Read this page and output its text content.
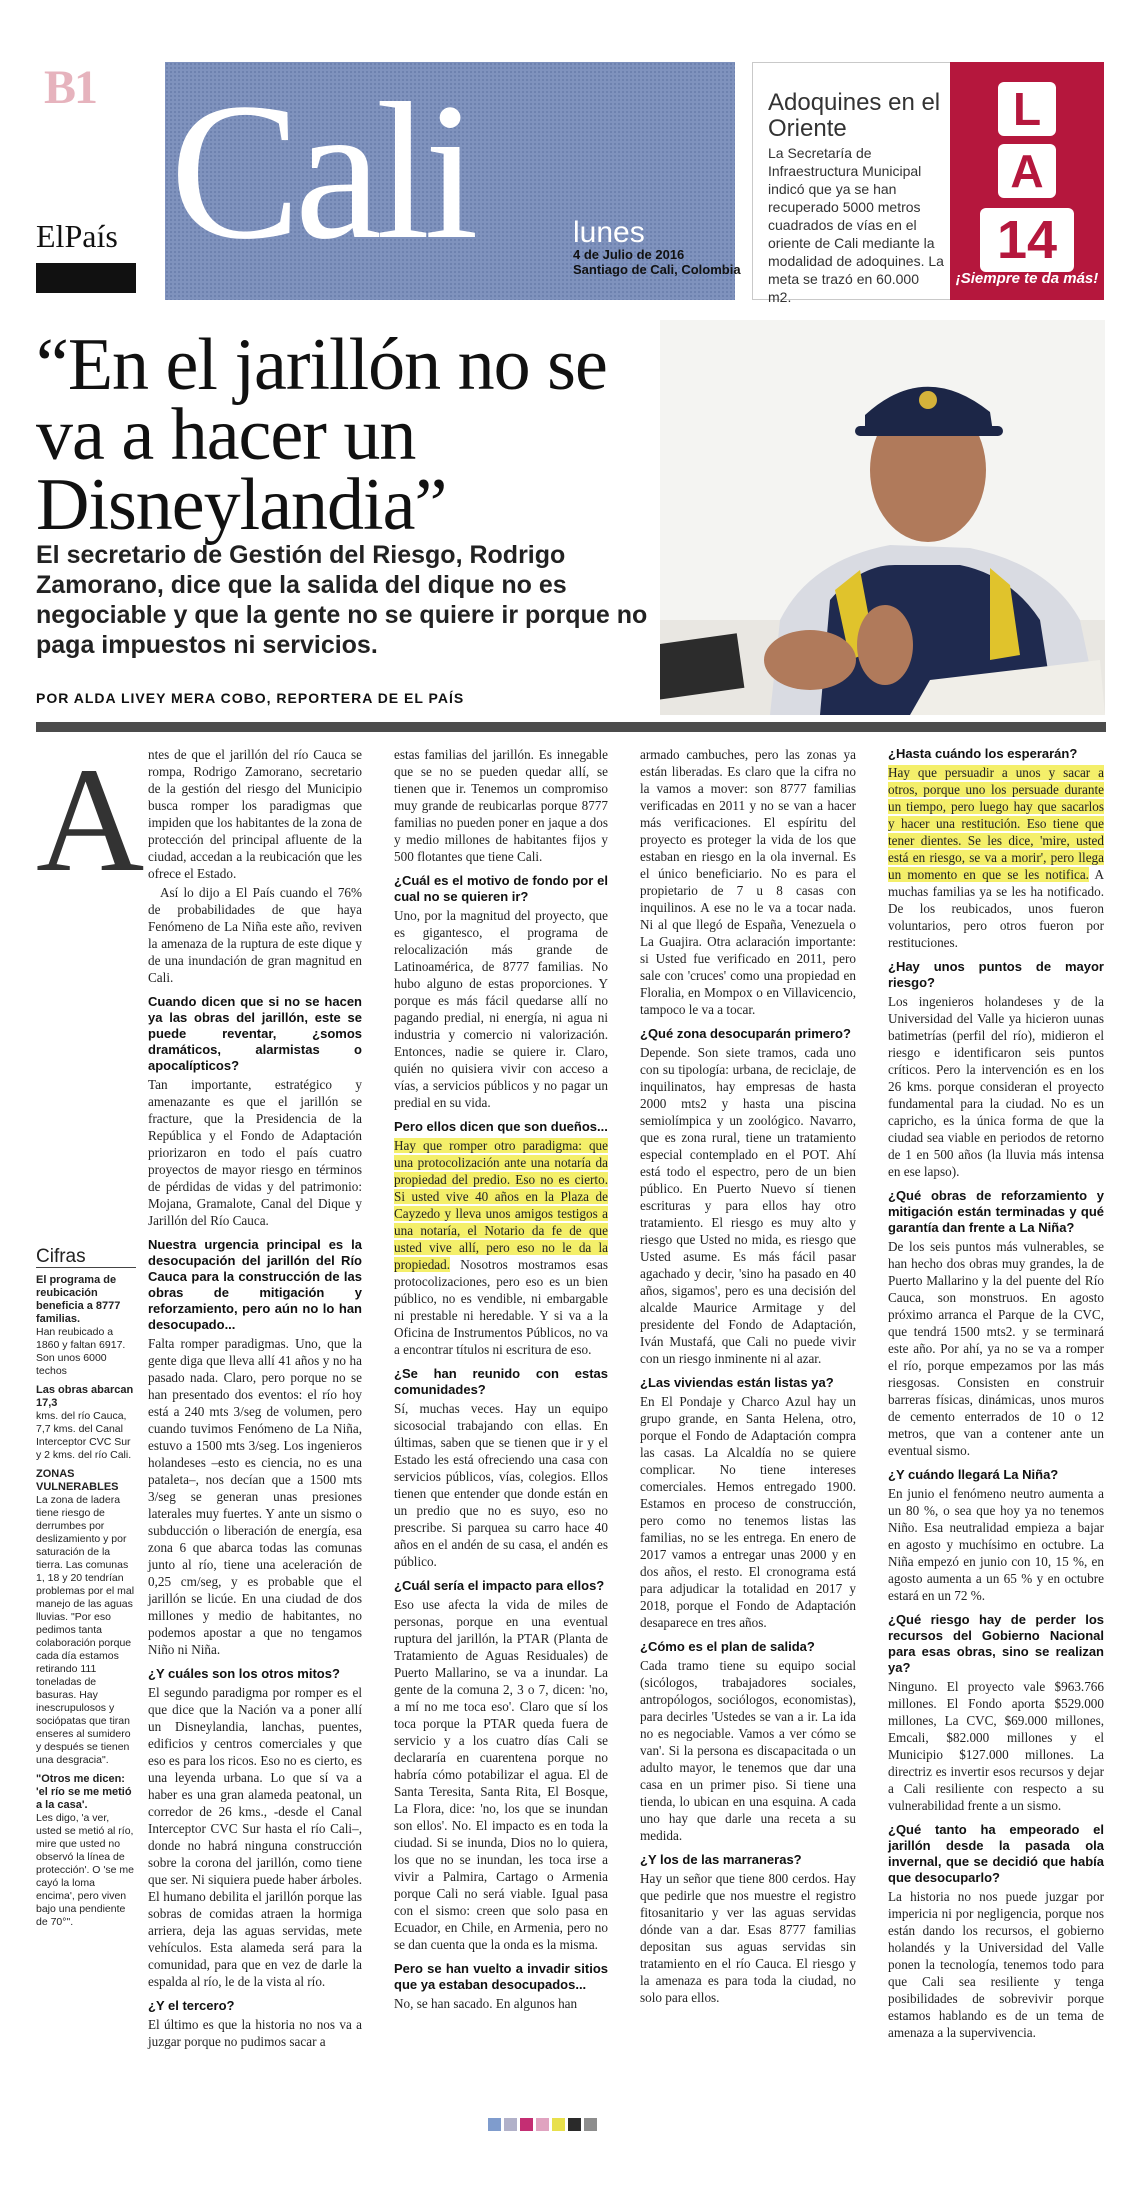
B1
ElPaís Cali	lunes
4 de Julio de 2016
Santiago de Cali, Colombia
Adoquines en el Oriente
La Secretaría de Infraestructura Municipal indicó que ya se han recuperado 5000 metros cuadrados de vías en el oriente de Cali mediante la modalidad de adoquines. La meta se trazó en 60.000 m2.
L
A
14
¡Siempre te da más!
“En el jarillón no se va a hacer un Disneylandia”
El secretario de Gestión del Riesgo, Rodrigo Zamorano, dice que la salida del dique no es negociable y que la gente no se quiere ir porque no paga impuestos ni servicios.
POR ALDA LIVEY MERA COBO, REPORTERA DE EL PAÍS
A ntes de que el jarillón del río Cauca se rompa, Rodrigo Zamorano, secretario de la gestión del riesgo del Municipio busca romper los paradigmas que impiden que los habitantes de la zona de protección del principal afluente de la ciudad, accedan a la reubicación que les ofrece el Estado.

Así lo dijo a El País cuando el 76% de probabilidades de que haya Fenómeno de La Niña este año, reviven la amenaza de la ruptura de este dique y de una inundación de gran magnitud en Cali.

Cuando dicen que si no se hacen ya las obras del jarillón, este se puede reventar, ¿somos dramáticos, alarmistas o apocalípticos?

Tan importante, estratégico y amenazante es que el jarillón se fracture, que la Presidencia de la República y el Fondo de Adaptación priorizaron en todo el país cuatro proyectos de mayor riesgo en términos de pérdidas de vidas y del patrimonio: Mojana, Gramalote, Canal del Dique y Jarillón del Río Cauca.

Nuestra urgencia principal es la desocupación del jarillón del Río Cauca para la construcción de las obras de mitigación y reforzamiento, pero aún no lo han desocupado...

Falta romper paradigmas. Uno, que la gente diga que lleva allí 41 años y no ha pasado nada. Claro, pero porque no se han presentado dos eventos: el río hoy está a 240 mts 3/seg de volumen, pero cuando tuvimos Fenómeno de La Niña, estuvo a 1500 mts 3/seg. Los ingenieros holandeses –esto es ciencia, no es una pataleta–, nos decían que a 1500 mts 3/seg se generan unas presiones laterales muy fuertes. Y ante un sismo o subducción o liberación de energía, esa zona 6 que abarca todas las comunas junto al río, tiene una aceleración de 0,25 cm/seg, y es probable que el jarillón se licúe. En una ciudad de dos millones y medio de habitantes, no podemos apostar a que no tengamos Niño ni Niña.

¿Y cuáles son los otros mitos?

El segundo paradigma por romper es el que dice que la Nación va a poner allí un Disneylandia, lanchas, puentes, edificios y centros comerciales y que eso es para los ricos. Eso no es cierto, es una leyenda urbana. Lo que sí va a haber es una gran alameda peatonal, un corredor de 26 kms., -desde el Canal Interceptor CVC Sur hasta el río Cali–, donde no habrá ninguna construcción sobre la corona del jarillón, como tiene que ser. Ni siquiera puede haber árboles. El humano debilita el jarillón porque las sobras de comidas atraen la hormiga arriera, deja las aguas servidas, mete vehículos. Esta alameda será para la comunidad, para que en vez de darle la espalda al río, le de la vista al río.

¿Y el tercero?

El último es que la historia no nos va a juzgar porque no pudimos sacar a

Cifras
El programa de reubicación beneficia a 8777 familias.
Han reubicado a 1860 y faltan 6917. Son unos 6000 techos
Las obras abarcan 17,3
kms. del río Cauca, 7,7 kms. del Canal Interceptor CVC Sur y 2 kms. del río Cali.
ZONAS VULNERABLES
La zona de ladera tiene riesgo de derrumbes por deslizamiento y por saturación de la tierra. Las comunas 1, 18 y 20 tendrían problemas por el mal manejo de las aguas lluvias. "Por eso pedimos tanta colaboración porque cada día estamos retirando 111 toneladas de basuras. Hay inescrupulosos y sociópatas que tiran enseres al sumidero y después se tienen una desgracia".
"Otros me dicen: 'el río se me metió a la casa'.
Les digo, 'a ver, usted se metió al río, mire que usted no observó la línea de protección'. O 'se me cayó la loma encima', pero viven bajo una pendiente de 70°".

estas familias del jarillón. Es innegable que se no se pueden quedar allí, se tienen que ir. Tenemos un compromiso muy grande de reubicarlas porque 8777 familias no pueden poner en jaque a dos y medio millones de habitantes fijos y 500 flotantes que tiene Cali.

¿Cuál es el motivo de fondo por el cual no se quieren ir?

Uno, por la magnitud del proyecto, que es gigantesco, el programa de relocalización más grande de Latinoamérica, de 8777 familias. No hubo alguno de estas proporciones. Y porque es más fácil quedarse allí no pagando predial, ni energía, ni agua ni industria y comercio ni valorización. Entonces, nadie se quiere ir. Claro, quién no quisiera vivir con acceso a vías, a servicios públicos y no pagar un predial en su vida.

Pero ellos dicen que son dueños...

Hay que romper otro paradigma: que una protocolización ante una notaría da propiedad del predio. Eso no es cierto. Si usted vive 40 años en la Plaza de Cayzedo y lleva unos amigos testigos a una notaría, el Notario da fe de que usted vive allí, pero eso no le da la propiedad. Nosotros mostramos esas protocolizaciones, pero eso es un bien público, no es vendible, ni embargable ni prestable ni heredable. Y si va a la Oficina de Instrumentos Públicos, no va a encontrar títulos ni escritura de eso.

¿Se han reunido con estas comunidades?

Sí, muchas veces. Hay un equipo sicosocial trabajando con ellas. En últimas, saben que se tienen que ir y el Estado les está ofreciendo una casa con servicios públicos, vías, colegios. Ellos tienen que entender que donde están en un predio que no es suyo, eso no prescribe. Si parquea su carro hace 40 años en el andén de su casa, el andén es público.

¿Cuál sería el impacto para ellos?

Eso use afecta la vida de miles de personas, porque en una eventual ruptura del jarillón, la PTAR (Planta de Tratamiento de Aguas Residuales) de Puerto Mallarino, se va a inundar. La gente de la comuna 2, 3 o 7, dicen: 'no, a mí no me toca eso'. Claro que sí los toca porque la PTAR queda fuera de servicio y a los cuatro días Cali se declararía en cuarentena porque no habría cómo potabilizar el agua. El de Santa Teresita, Santa Rita, El Bosque, La Flora, dice: 'no, los que se inundan son ellos'. No. El impacto es en toda la ciudad. Si se inunda, Dios no lo quiera, los que no se inundan, les toca irse a vivir a Palmira, Cartago o Armenia porque Cali no será viable. Igual pasa con el sismo: creen que solo pasa en Ecuador, en Chile, en Armenia, pero no se dan cuenta que la onda es la misma.

Pero se han vuelto a invadir sitios que ya estaban desocupados...

No, se han sacado. En algunos han

armado cambuches, pero las zonas ya están liberadas. Es claro que la cifra no la vamos a mover: son 8777 familias verificadas en 2011 y no se van a hacer más verificaciones. El espíritu del proyecto es proteger la vida de los que estaban en riesgo en la ola invernal. Es el único beneficiario. No es para el propietario de 7 u 8 casas con inquilinos. A ese no le va a tocar nada. Ni al que llegó de España, Venezuela o La Guajira. Otra aclaración importante: si Usted fue verificado en 2011, pero sale con 'cruces' como una propiedad en Floralia, en Mompox o en Villavicencio, tampoco le va a tocar.

¿Qué zona desocuparán primero?

Depende. Son siete tramos, cada uno con su tipología: urbana, de reciclaje, de inquilinatos, hay empresas de hasta 2000 mts2 y hasta una piscina semiolímpica y un zoológico. Navarro, que es zona rural, tiene un tratamiento especial contemplado en el POT. Ahí está todo el espectro, pero de un bien público. En Puerto Nuevo sí tienen escrituras y para ellos hay otro tratamiento. El riesgo es muy alto y riesgo que Usted no mida, es riesgo que Usted asume. Es más fácil pasar agachado y decir, 'sino ha pasado en 40 años, sigamos', pero es una decisión del alcalde Maurice Armitage y del presidente del Fondo de Adaptación, Iván Mustafá, que Cali no puede vivir con un riesgo inminente ni al azar.

¿Las viviendas están listas ya?

En El Pondaje y Charco Azul hay un grupo grande, en Santa Helena, otro, porque el Fondo de Adaptación compra las casas. La Alcaldía no se quiere complicar. No tiene intereses comerciales. Hemos entregado 1900. Estamos en proceso de construcción, pero como no tenemos listas las familias, no se les entrega. En enero de 2017 vamos a entregar unas 2000 y en dos años, el resto. El cronograma está para adjudicar la totalidad en 2017 y 2018, porque el Fondo de Adaptación desaparece en tres años.

¿Cómo es el plan de salida?

Cada tramo tiene su equipo social (sicólogos, trabajadores sociales, antropólogos, sociólogos, economistas), para decirles 'Ustedes se van a ir. La ida no es negociable. Vamos a ver cómo se van'. Si la persona es discapacitada o un adulto mayor, le tenemos que dar una casa en un primer piso. Si tiene una tienda, lo ubican en una esquina. A cada uno hay que darle una receta a su medida.

¿Y los de las marraneras?

Hay un señor que tiene 800 cerdos. Hay que pedirle que nos muestre el registro fitosanitario y ver las aguas servidas dónde van a dar. Esas 8777 familias depositan sus aguas servidas sin tratamiento en el río Cauca. El riesgo y la amenaza es para toda la ciudad, no solo para ellos.

¿Hasta cuándo los esperarán?

Hay que persuadir a unos y sacar a otros, porque uno los persuade durante un tiempo, pero luego hay que sacarlos y hacer una restitución. Eso tiene que tener dientes. Se les dice, 'mire, usted está en riesgo, se va a morir', pero llega un momento en que se les notifica. A muchas familias ya se les ha notificado. De los reubicados, unos fueron voluntarios, pero otros fueron por restituciones.

¿Hay unos puntos de mayor riesgo?

Los ingenieros holandeses y de la Universidad del Valle ya hicieron uunas batimetrías (perfil del río), midieron el riesgo e identificaron seis puntos críticos. Pero la intervención es en los 26 kms. porque consideran el proyecto fundamental para la ciudad. No es un capricho, es la única forma de que la ciudad sea viable en periodos de retorno de 1 en 500 años (la lluvia más intensa en ese lapso).

¿Qué obras de reforzamiento y mitigación están terminadas y qué garantía dan frente a La Niña?

De los seis puntos más vulnerables, se han hecho dos obras muy grandes, la de Puerto Mallarino y la del puente del Río Cauca, son monstruos. En agosto próximo arranca el Parque de la CVC, que tendrá 1500 mts2. y se terminará este año. Por ahí, ya no se va a romper el río, porque empezamos por las más riesgosas. Consisten en construir barreras físicas, dinámicas, unos muros de cemento enterrados de 10 o 12 metros, que van a contener ante un eventual sismo.

¿Y cuándo llegará La Niña?

En junio el fenómeno neutro aumenta a un 80 %, o sea que hoy ya no tenemos Niño. Esa neutralidad empieza a bajar en agosto y muchísimo en octubre. La Niña empezó en junio con 10, 15 %, en agosto aumenta a un 65 % y en octubre estará en un 72 %.

¿Qué riesgo hay de perder los recursos del Gobierno Nacional para esas obras, sino se realizan ya?

Ninguno. El proyecto vale $963.766 millones. El Fondo aporta $529.000 millones, La CVC, $69.000 millones, Emcali, $82.000 millones y el Municipio $127.000 millones. La directriz es invertir esos recursos y dejar a Cali resiliente con respecto a su vulnerabilidad frente a un sismo.

¿Qué tanto ha empeorado el jarillón desde la pasada ola invernal, que se decidió que había que desocuparlo?

La historia no nos puede juzgar por impericia ni por negligencia, porque nos están dando los recursos, el gobierno holandés y la Universidad del Valle ponen la tecnología, tenemos todo para que Cali sea resiliente y tenga posibilidades de sobrevivir porque estamos hablando es de un tema de amenaza a la supervivencia.
